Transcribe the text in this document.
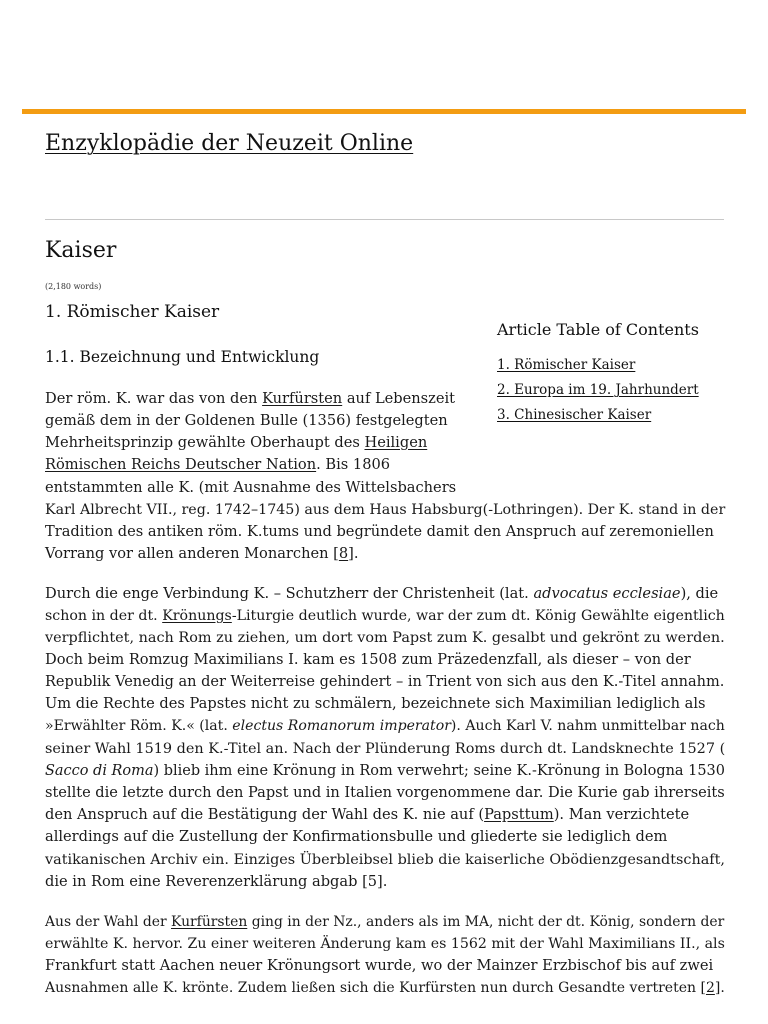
Enzyklopädie der Neuzeit Online
Kaiser
(2,180 words)
1. Römischer Kaiser
1.1. Bezeichnung und Entwicklung
Article Table of Contents
1. Römischer Kaiser
2. Europa im 19. Jahrhundert
3. Chinesischer Kaiser
Der röm. K. war das von den Kurfürsten auf Lebenszeit
gemäß dem in der Goldenen Bulle (1356) festgelegten
Mehrheitsprinzip gewählte Oberhaupt des Heiligen
Römischen Reichs Deutscher Nation. Bis 1806
entstammten alle K. (mit Ausnahme des Wittelsbachers
Karl Albrecht VII., reg. 1742–1745) aus dem Haus Habsburg(-Lothringen). Der K. stand in der
Tradition des antiken röm. K.tums und begründete damit den Anspruch auf zeremoniellen
Vorrang vor allen anderen Monarchen [8].
Durch die enge Verbindung K. – Schutzherr der Christenheit (lat. advocatus ecclesiae), die
schon in der dt. Krönungs-Liturgie deutlich wurde, war der zum dt. König Gewählte eigentlich
verpflichtet, nach Rom zu ziehen, um dort vom Papst zum K. gesalbt und gekrönt zu werden.
Doch beim Romzug Maximilians I. kam es 1508 zum Präzedenzfall, als dieser – von der
Republik Venedig an der Weiterreise gehindert – in Trient von sich aus den K.-Titel annahm.
Um die Rechte des Papstes nicht zu schmälern, bezeichnete sich Maximilian lediglich als
»Erwählter Röm. K.« (lat. electus Romanorum imperator). Auch Karl V. nahm unmittelbar nach
seiner Wahl 1519 den K.-Titel an. Nach der Plünderung Roms durch dt. Landsknechte 1527 (
Sacco di Roma) blieb ihm eine Krönung in Rom verwehrt; seine K.-Krönung in Bologna 1530
stellte die letzte durch den Papst und in Italien vorgenommene dar. Die Kurie gab ihrerseits
den Anspruch auf die Bestätigung der Wahl des K. nie auf (Papsttum). Man verzichtete
allerdings auf die Zustellung der Konfirmationsbulle und gliederte sie lediglich dem
vatikanischen Archiv ein. Einziges Überbleibsel blieb die kaiserliche Obödienzgesandtschaft,
die in Rom eine Reverenzerklärung abgab [5].
Aus der Wahl der Kurfürsten ging in der Nz., anders als im MA, nicht der dt. König, sondern der
erwählte K. hervor. Zu einer weiteren Änderung kam es 1562 mit der Wahl Maximilians II., als
Frankfurt statt Aachen neuer Krönungsort wurde, wo der Mainzer Erzbischof bis auf zwei
Ausnahmen alle K. krönte. Zudem ließen sich die Kurfürsten nun durch Gesandte vertreten [2].
